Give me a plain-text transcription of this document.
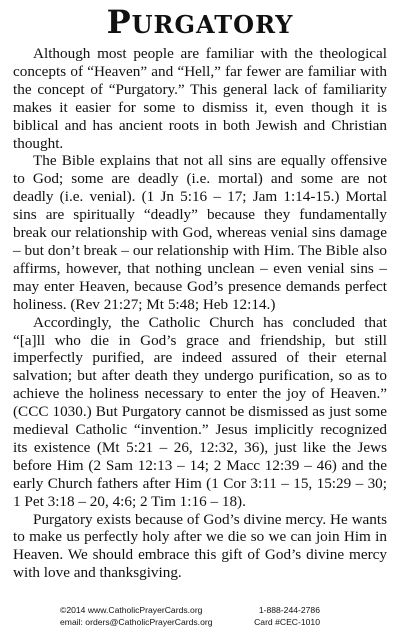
PURGATORY

Although most people are familiar with the theological concepts of “Heaven” and “Hell,” far fewer are familiar with the concept of “Purgatory.” This general lack of familiarity makes it easier for some to dismiss it, even though it is biblical and has ancient roots in both Jewish and Christian thought.

The Bible explains that not all sins are equally offensive to God; some are deadly (i.e. mortal) and some are not deadly (i.e. venial). (1 Jn 5:16 – 17; Jam 1:14-15.) Mortal sins are spiritually “deadly” because they fundamentally break our relationship with God, whereas venial sins damage – but don’t break – our relationship with Him. The Bible also affirms, however, that nothing unclean – even venial sins – may enter Heaven, because God’s presence demands perfect holiness. (Rev 21:27; Mt 5:48; Heb 12:14.)

Accordingly, the Catholic Church has concluded that “[a]ll who die in God’s grace and friendship, but still imperfectly purified, are indeed assured of their eternal salvation; but after death they undergo purification, so as to achieve the holiness necessary to enter the joy of Heaven.” (CCC 1030.) But Purgatory cannot be dismissed as just some medieval Catholic “invention.” Jesus implicitly recognized its existence (Mt 5:21 – 26, 12:32, 36), just like the Jews before Him (2 Sam 12:13 – 14; 2 Macc 12:39 – 46) and the early Church fathers after Him (1 Cor 3:11 – 15, 15:29 – 30; 1 Pet 3:18 – 20, 4:6; 2 Tim 1:16 – 18).

Purgatory exists because of God’s divine mercy. He wants to make us perfectly holy after we die so we can join Him in Heaven. We should embrace this gift of God’s divine mercy with love and thanksgiving.

©2014 www.CatholicPrayerCards.org	1-888-244-2786
email: orders@CatholicPrayerCards.org	Card #CEC-1010
